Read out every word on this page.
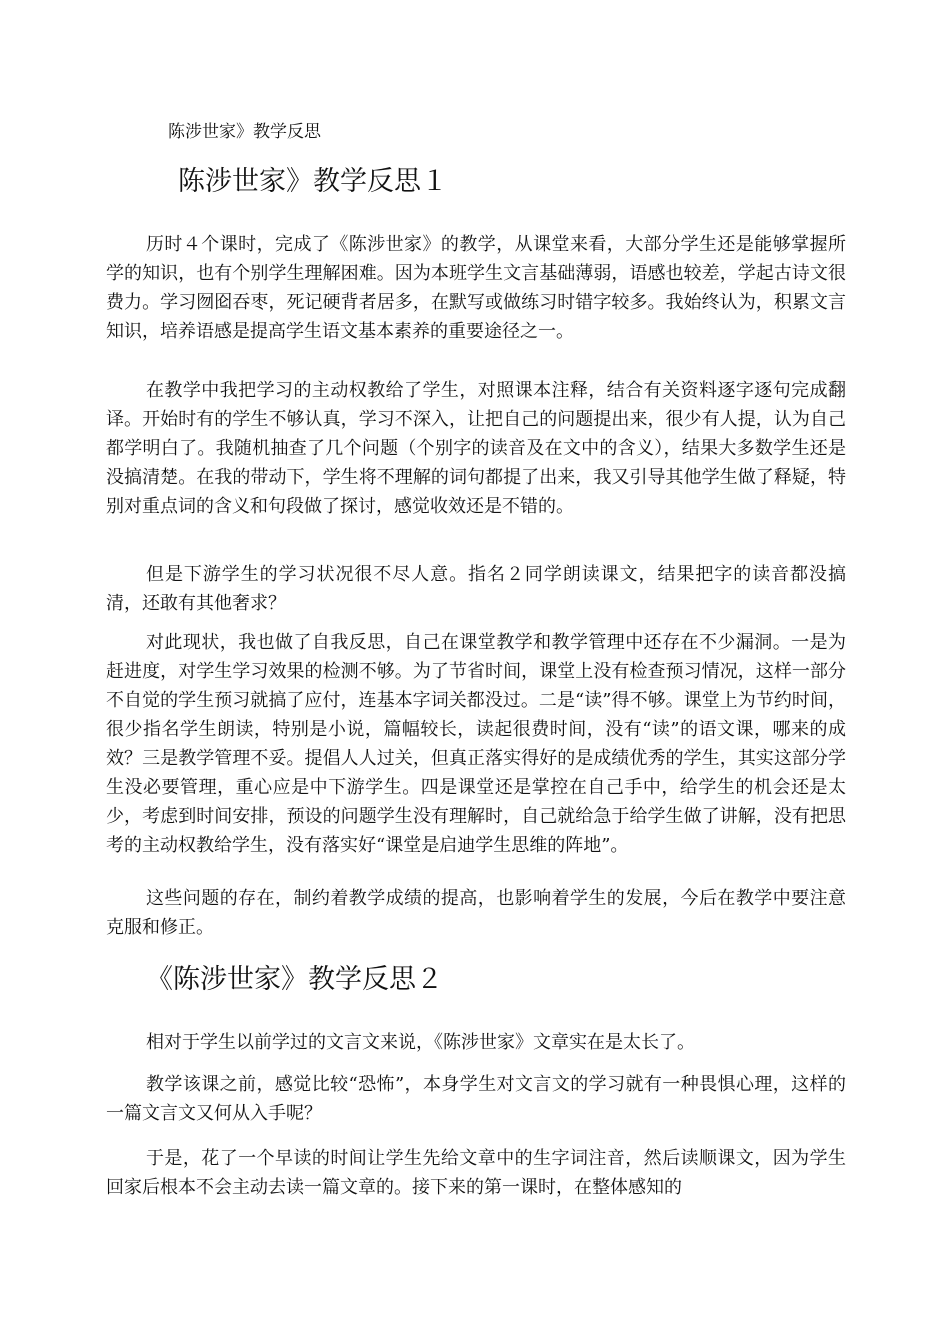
陈涉世家》教学反思
陈涉世家》教学反思１

历时４个课时，完成了《陈涉世家》的教学，从课堂来看，大部分学生还是能够掌握所学的知识，也有个别学生理解困难。因为本班学生文言基础薄弱，语感也较差，学起古诗文很费力。学习囫囵吞枣，死记硬背者居多，在默写或做练习时错字较多。我始终认为，积累文言知识，培养语感是提高学生语文基本素养的重要途径之一。

在教学中我把学习的主动权教给了学生，对照课本注释，结合有关资料逐字逐句完成翻译。开始时有的学生不够认真，学习不深入，让把自己的问题提出来，很少有人提，认为自己都学明白了。我随机抽查了几个问题（个别字的读音及在文中的含义），结果大多数学生还是没搞清楚。在我的带动下，学生将不理解的词句都提了出来，我又引导其他学生做了释疑，特别对重点词的含义和句段做了探讨，感觉收效还是不错的。

但是下游学生的学习状况很不尽人意。指名２同学朗读课文，结果把字的读音都没搞清，还敢有其他奢求？

对此现状，我也做了自我反思，自己在课堂教学和教学管理中还存在不少漏洞。一是为赶进度，对学生学习效果的检测不够。为了节省时间，课堂上没有检查预习情况，这样一部分不自觉的学生预习就搞了应付，连基本字词关都没过。二是“读”得不够。课堂上为节约时间，很少指名学生朗读，特别是小说，篇幅较长，读起很费时间，没有“读”的语文课，哪来的成效？三是教学管理不妥。提倡人人过关，但真正落实得好的是成绩优秀的学生，其实这部分学生没必要管理，重心应是中下游学生。四是课堂还是掌控在自己手中，给学生的机会还是太少，考虑到时间安排，预设的问题学生没有理解时，自己就给急于给学生做了讲解，没有把思考的主动权教给学生，没有落实好“课堂是启迪学生思维的阵地”。

这些问题的存在，制约着教学成绩的提高，也影响着学生的发展，今后在教学中要注意克服和修正。

《陈涉世家》教学反思２

相对于学生以前学过的文言文来说，《陈涉世家》文章实在是太长了。

教学该课之前，感觉比较“恐怖”，本身学生对文言文的学习就有一种畏惧心理，这样的一篇文言文又何从入手呢？

于是，花了一个早读的时间让学生先给文章中的生字词注音，然后读顺课文，因为学生回家后根本不会主动去读一篇文章的。接下来的第一课时，在整体感知的
